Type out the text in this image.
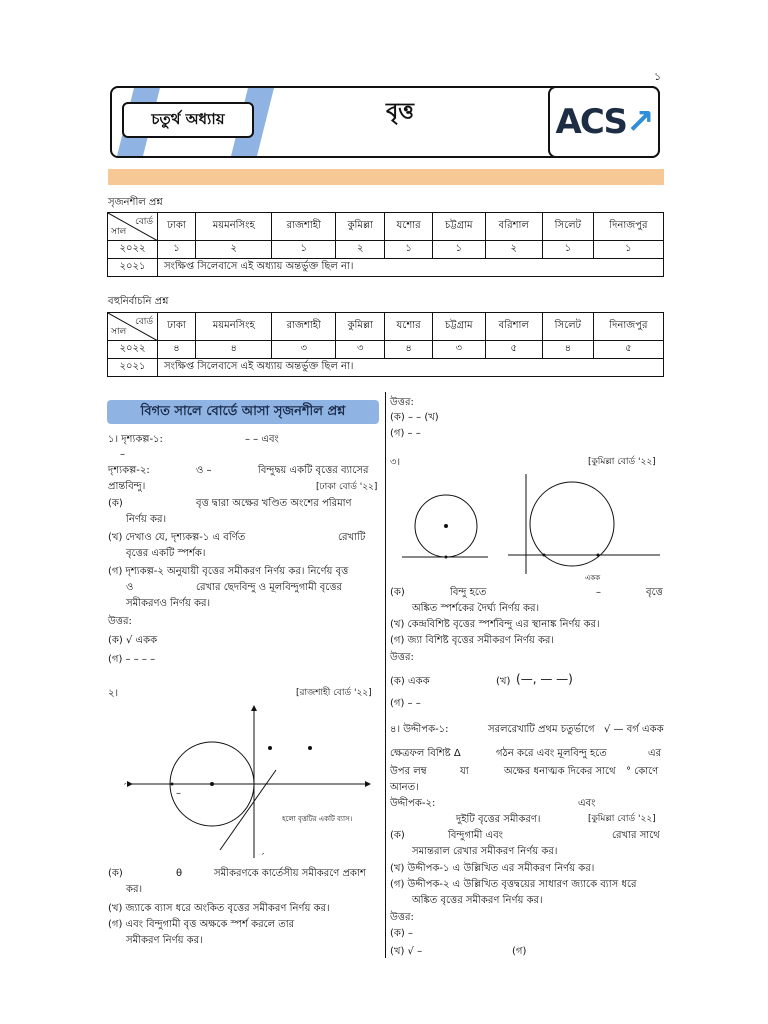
১
চতুর্থ অধ্যায়	বৃত্ত	ACS↗
সৃজনশীল প্রশ্ন
বোর্ড
সাল	ঢাকা	ময়মনসিংহ	রাজশাহী	কুমিল্লা	যশোর	চট্টগ্রাম	বরিশাল	সিলেট	দিনাজপুর
২০২২	১	২	১	২	১	১	২	১	১
২০২১	সংক্ষিপ্ত সিলেবাসে এই অধ্যায় অন্তর্ভুক্ত ছিল না।								
বহুনির্বাচনি প্রশ্ন
বোর্ড
সাল	ঢাকা	ময়মনসিংহ	রাজশাহী	কুমিল্লা	যশোর	চট্টগ্রাম	বরিশাল	সিলেট	দিনাজপুর
২০২২	৪	৪	৩	৩	৪	৩	৫	৪	৫
২০২১	সংক্ষিপ্ত সিলেবাসে এই অধ্যায় অন্তর্ভুক্ত ছিল না।								
বিগত সালে বোর্ডে আসা সৃজনশীল প্রশ্ন
১। দৃশ্যকল্প-১:	– – এবং
–
দৃশ্যকল্প-২:	ও –	বিন্দুদ্বয় একটি বৃত্তের ব্যাসের
প্রান্তবিন্দু।	[ঢাকা বোর্ড '২২]
(ক)	বৃত্ত দ্বারা অক্ষের খণ্ডিত অংশের পরিমাণ
নির্ণয় কর।
(খ) দেখাও যে, দৃশ্যকল্প-১ এ বর্ণিত	রেখাটি
বৃত্তের একটি স্পর্শক।
(গ) দৃশ্যকল্প-২ অনুযায়ী বৃত্তের সমীকরণ নির্ণয় কর। নির্ণেয় বৃত্ত
ও	রেখার ছেদবিন্দু ও মূলবিন্দুগামী বৃত্তের
সমীকরণও নির্ণয় কর।
উত্তর:
(ক) √ একক
(গ) – – – –
২।	[রাজশাহী বোর্ড '২২]
–
′
′
হলো বৃত্তটির একটি ব্যাস।
(ক)	θ	সমীকরণকে কার্তেসীয় সমীকরণে প্রকাশ
কর।
(খ) জ্যাকে ব্যাস ধরে অংকিত বৃত্তের সমীকরণ নির্ণয় কর।
(গ) এবং বিন্দুগামী বৃত্ত অক্ষকে স্পর্শ করলে তার
সমীকরণ নির্ণয় কর।
উত্তর:
(ক) – – (খ)
(গ) – –
৩।	[কুমিল্লা বোর্ড '২২]
একক
(ক)	বিন্দু হতে	–	বৃত্তে
অঙ্কিত স্পর্শকের দৈর্ঘ্য নির্ণয় কর।
(খ) কেন্দ্রবিশিষ্ট বৃত্তের স্পর্শবিন্দু এর স্থানাঙ্ক নির্ণয় কর।
(গ) জ্যা বিশিষ্ট বৃত্তের সমীকরণ নির্ণয় কর।
উত্তর:
(ক) একক	(খ) (—, — —)
(গ) – –
৪। উদ্দীপক-১:	সরলরেখাটি প্রথম চতুর্ভাগে √ — বর্গ একক
ক্ষেত্রফল বিশিষ্ট Δ	গঠন করে এবং মূলবিন্দু হতে	এর
উপর লম্ব	যা	অক্ষের ধনাত্মক দিকের সাথে ° কোণে
আনত।
উদ্দীপক-২:	এবং
দুইটি বৃত্তের সমীকরণ।	[কুমিল্লা বোর্ড '২২]
(ক)	বিন্দুগামী এবং	রেখার সাথে
সমান্তরাল রেখার সমীকরণ নির্ণয় কর।
(খ) উদ্দীপক-১ এ উল্লিখিত এর সমীকরণ নির্ণয় কর।
(গ) উদ্দীপক-২ এ উল্লিখিত বৃত্তদ্বয়ের সাধারণ জ্যাকে ব্যাস ধরে
অঙ্কিত বৃত্তের সমীকরণ নির্ণয় কর।
উত্তর:
(ক) –
(খ) √ –	(গ)
